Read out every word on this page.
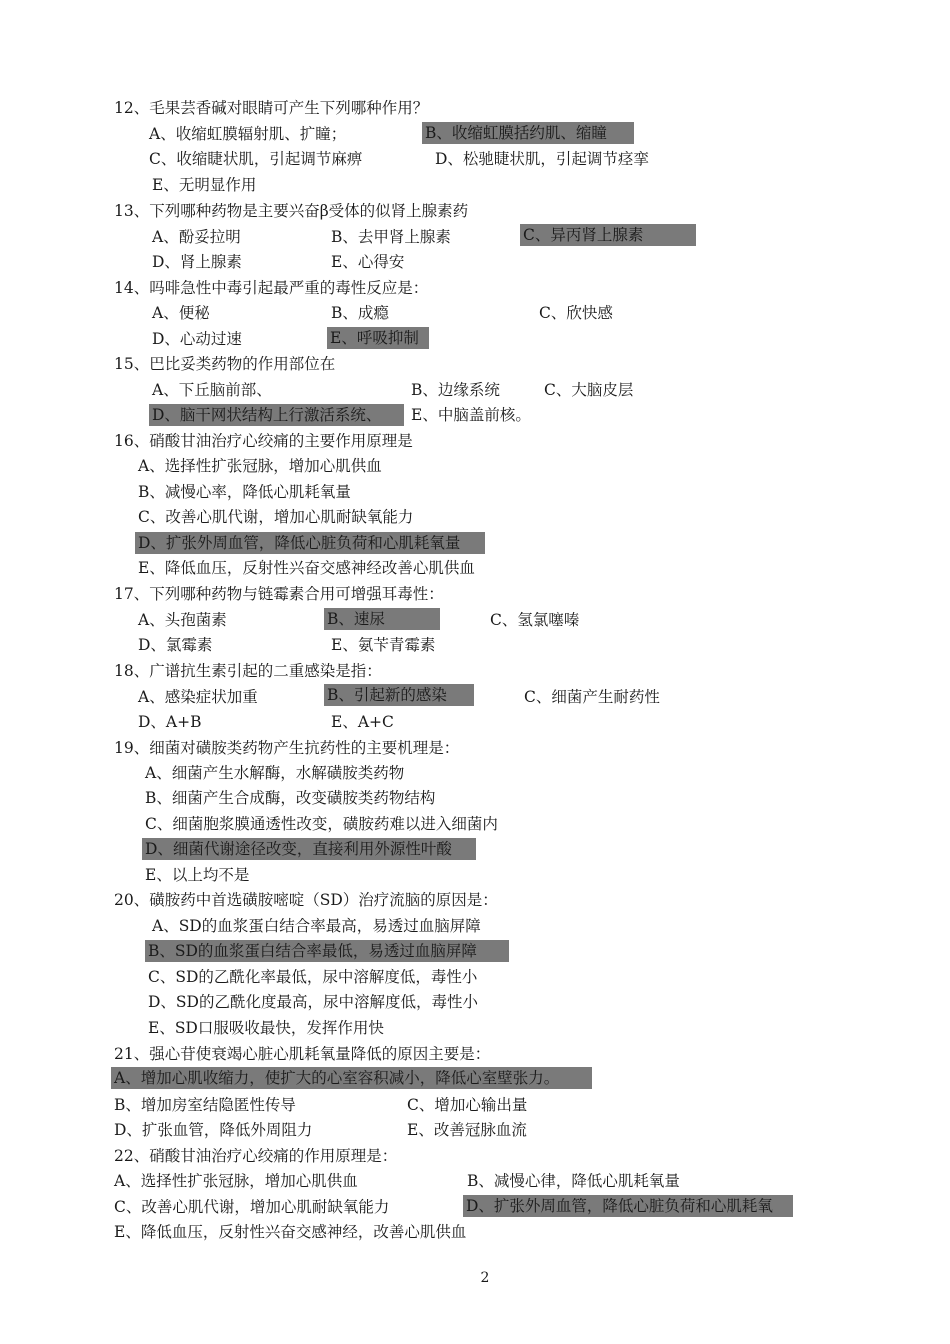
12、毛果芸香碱对眼睛可产生下列哪种作用？
A、收缩虹膜辐射肌、扩瞳；	B、收缩虹膜括约肌、缩瞳
C、收缩睫状肌，引起调节麻痹	D、松驰睫状肌，引起调节痉挛
E、无明显作用
13、下列哪种药物是主要兴奋β受体的似肾上腺素药
A、酚妥拉明	B、去甲肾上腺素	C、异丙肾上腺素
D、肾上腺素	E、心得安
14、吗啡急性中毒引起最严重的毒性反应是：
A、便秘	B、成瘾	C、欣快感
D、心动过速	E、呼吸抑制
15、巴比妥类药物的作用部位在
A、下丘脑前部、	B、边缘系统	C、大脑皮层
D、脑干网状结构上行激活系统、	E、中脑盖前核。
16、硝酸甘油治疗心绞痛的主要作用原理是
A、选择性扩张冠脉，增加心肌供血
B、减慢心率，降低心肌耗氧量
C、改善心肌代谢，增加心肌耐缺氧能力
D、扩张外周血管，降低心脏负荷和心肌耗氧量
E、降低血压，反射性兴奋交感神经改善心肌供血
17、下列哪种药物与链霉素合用可增强耳毒性：
A、头孢菌素	B、速尿	C、氢氯噻嗪
D、氯霉素	E、氨苄青霉素
18、广谱抗生素引起的二重感染是指：
A、感染症状加重	B、引起新的感染	C、细菌产生耐药性
D、A+B	E、A+C
19、细菌对磺胺类药物产生抗药性的主要机理是：
A、细菌产生水解酶，水解磺胺类药物
B、细菌产生合成酶，改变磺胺类药物结构
C、细菌胞浆膜通透性改变，磺胺药难以进入细菌内
D、细菌代谢途径改变，直接利用外源性叶酸
E、以上均不是
20、磺胺药中首选磺胺嘧啶（SD）治疗流脑的原因是：
A、SD的血浆蛋白结合率最高，易透过血脑屏障
B、SD的血浆蛋白结合率最低，易透过血脑屏障
C、SD的乙酰化率最低，尿中溶解度低，毒性小
D、SD的乙酰化度最高，尿中溶解度低，毒性小
E、SD口服吸收最快，发挥作用快
21、强心苷使衰竭心脏心肌耗氧量降低的原因主要是：
A、增加心肌收缩力，使扩大的心室容积减小，降低心室壁张力。
B、增加房室结隐匿性传导	C、增加心输出量
D、扩张血管，降低外周阻力	E、改善冠脉血流
22、硝酸甘油治疗心绞痛的作用原理是：
A、选择性扩张冠脉，增加心肌供血	B、减慢心律，降低心肌耗氧量
C、改善心肌代谢，增加心肌耐缺氧能力	D、扩张外周血管，降低心脏负荷和心肌耗氧
E、降低血压，反射性兴奋交感神经，改善心肌供血
2
